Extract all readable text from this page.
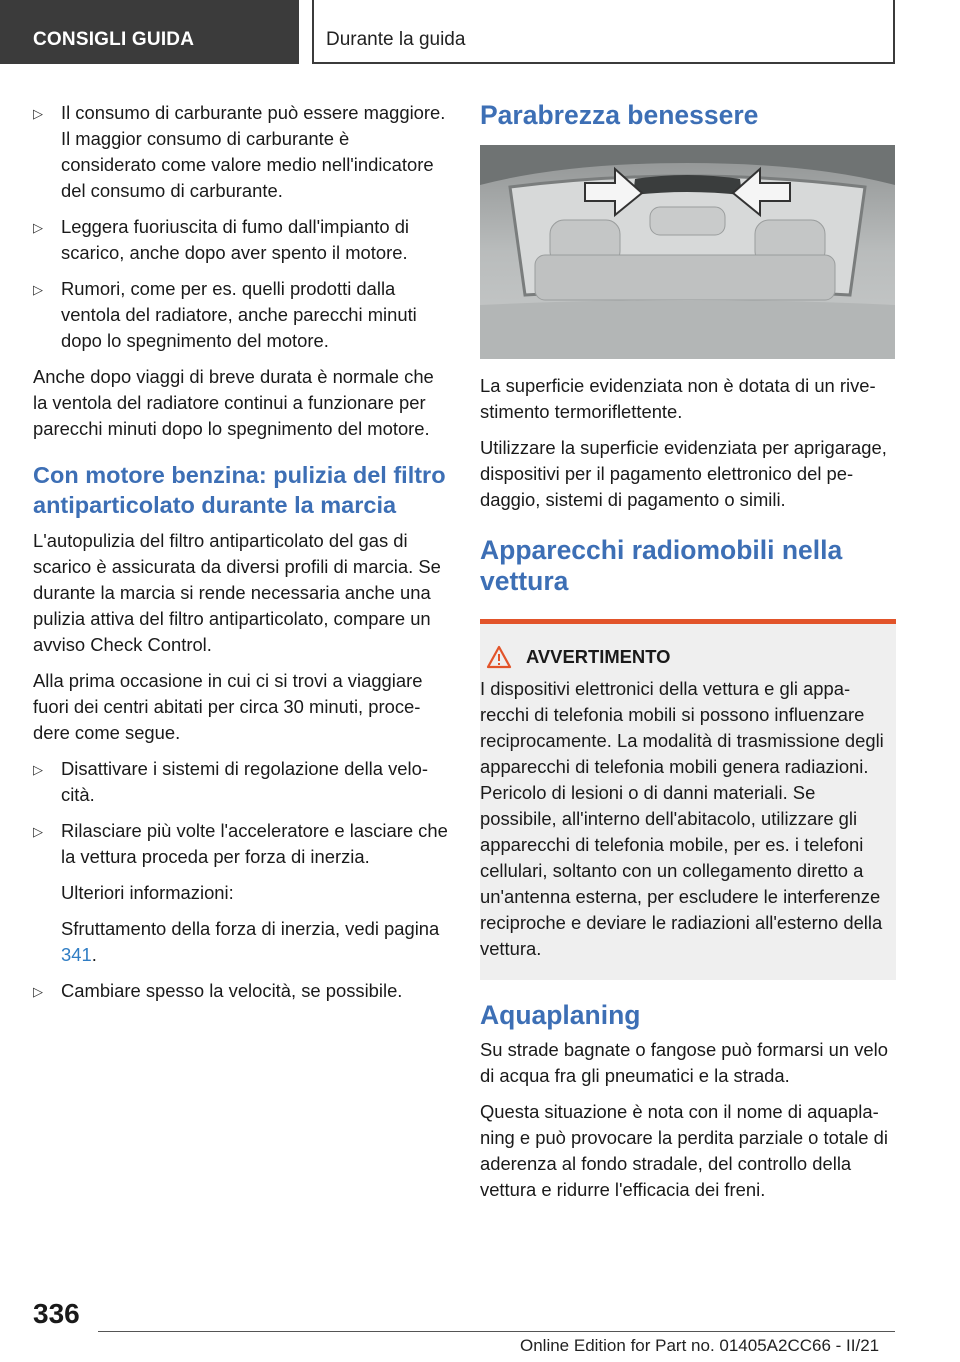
CONSIGLI GUIDA	Durante la guida
▷ Il consumo di carburante può essere maggiore. Il maggior consumo di carburante è considerato come valore medio nell'indicatore del consumo di carburante.
▷ Leggera fuoriuscita di fumo dall'impianto di scarico, anche dopo aver spento il motore.
▷ Rumori, come per es. quelli prodotti dalla ventola del radiatore, anche parecchi minuti dopo lo spegnimento del motore.

Anche dopo viaggi di breve durata è normale che la ventola del radiatore continui a funzionare per parecchi minuti dopo lo spegnimento del motore.

Con motore benzina: pulizia del filtro antiparticolato durante la marcia

L'autopulizia del filtro antiparticolato del gas di scarico è assicurata da diversi profili di marcia. Se durante la marcia si rende necessaria anche una pulizia attiva del filtro antiparticolato, compare un avviso Check Control.

Alla prima occasione in cui ci si trovi a viaggiare fuori dei centri abitati per circa 30 minuti, procedere come segue.

▷ Disattivare i sistemi di regolazione della velocità.
▷ Rilasciare più volte l'acceleratore e lasciare che la vettura proceda per forza di inerzia.
Ulteriori informazioni:
Sfruttamento della forza di inerzia, vedi pagina 341.
▷ Cambiare spesso la velocità, se possibile.
Parabrezza benessere

La superficie evidenziata non è dotata di un rivestimento termoriflettente.

Utilizzare la superficie evidenziata per aprigarage, dispositivi per il pagamento elettronico del pedaggio, sistemi di pagamento o simili.

Apparecchi radiomobili nella vettura
AVVERTIMENTO

I dispositivi elettronici della vettura e gli apparecchi di telefonia mobili si possono influenzare reciprocamente. La modalità di trasmissione degli apparecchi di telefonia mobili genera radiazioni. Pericolo di lesioni o di danni materiali. Se possibile, all'interno dell'abitacolo, utilizzare gli apparecchi di telefonia mobile, per es. i telefoni cellulari, soltanto con un collegamento diretto a un'antenna esterna, per escludere le interferenze reciproche e deviare le radiazioni all'esterno della vettura.

Aquaplaning

Su strade bagnate o fangose può formarsi un velo di acqua fra gli pneumatici e la strada.

Questa situazione è nota con il nome di aquaplaning e può provocare la perdita parziale o totale di aderenza al fondo stradale, del controllo della vettura e ridurre l'efficacia dei freni.

336
Online Edition for Part no. 01405A2CC66 - II/21
